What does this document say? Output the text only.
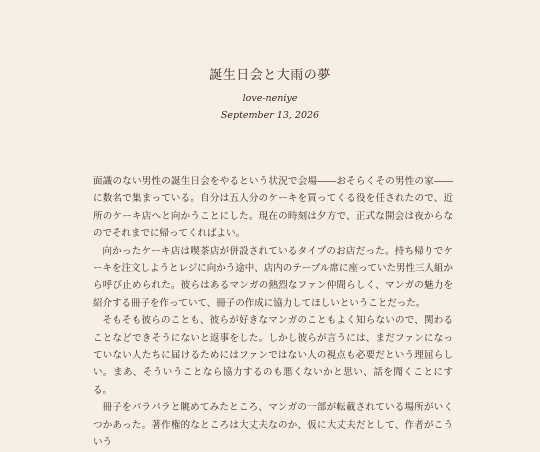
誕生日会と大雨の夢
love-neniye
September 13, 2026

面識のない男性の誕生日会をやるという状況で会場――おそらくその男性の家――に数名で集まっている。自分は五人分のケーキを買ってくる役を任されたので、近所のケーキ店へと向かうことにした。現在の時刻は夕方で、正式な開会は夜からなのでそれまでに帰ってくればよい。

向かったケーキ店は喫茶店が併設されているタイプのお店だった。持ち帰りでケーキを注文しようとレジに向かう途中、店内のテーブル席に座っていた男性三人組から呼び止められた。彼らはあるマンガの熱烈なファン仲間らしく、マンガの魅力を紹介する冊子を作っていて、冊子の作成に協力してほしいということだった。

そもそも彼らのことも、彼らが好きなマンガのこともよく知らないので、関わることなどできそうにないと返事をした。しかし彼らが言うには、まだファンになっていない人たちに届けるためにはファンではない人の視点も必要だという理屈らしい。まあ、そういうことなら協力するのも悪くないかと思い、話を聞くことにする。

冊子をパラパラと眺めてみたところ、マンガの一部が転載されている場所がいくつかあった。著作権的なところは大丈夫なのか、仮に大丈夫だとして、作者がこういう
